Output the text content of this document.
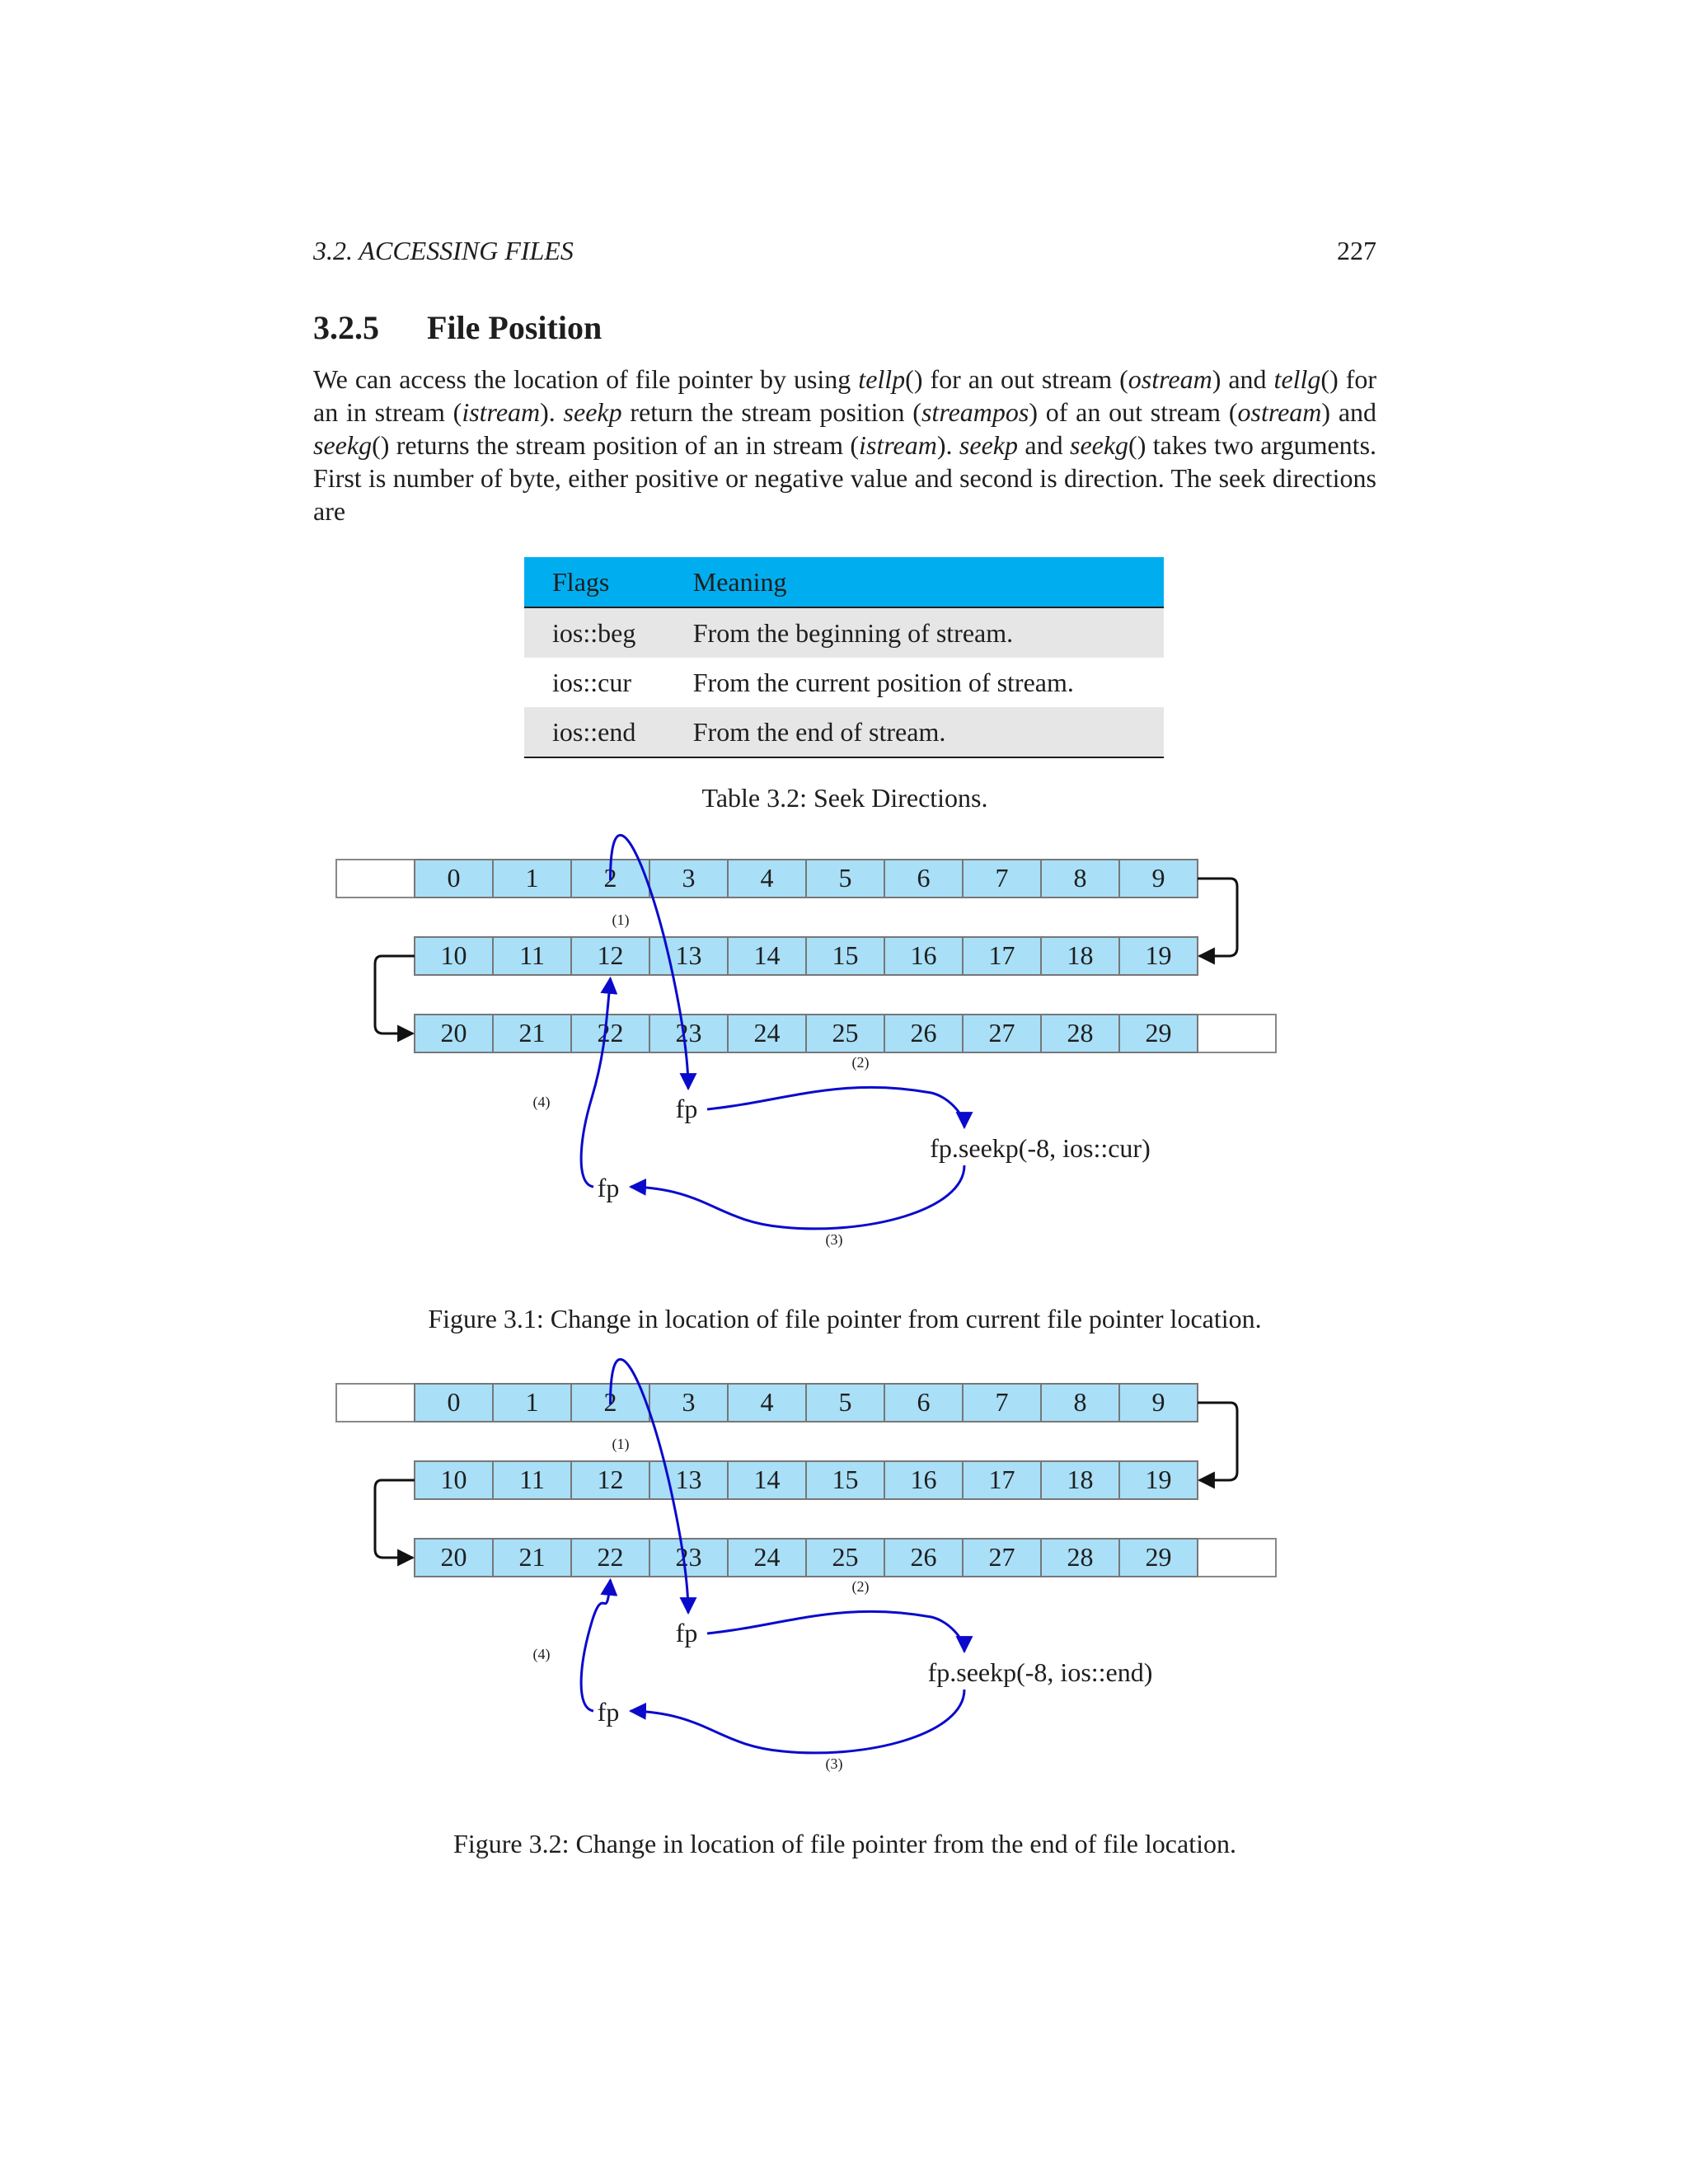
3.2. ACCESSING FILES	227
3.2.5 File Position
We can access the location of file pointer by using tellp() for an out stream (ostream) and tellg() for an in stream (istream). seekp return the stream position (streampos) of an out stream (ostream) and seekg() returns the stream position of an in stream (istream). seekp and seekg() takes two arguments. First is number of byte, either positive or negative value and second is direction. The seek directions are
Flags	Meaning
ios::beg	From the beginning of stream.
ios::cur	From the current position of stream.
ios::end	From the end of stream.
Table 3.2: Seek Directions.
0 1 2 3 4 5 6 7 8 9
10 11 12 13 14 15 16 17 18 19
20 21 22 23 24 25 26 27 28 29
fp
fp.seekp(-8, ios::cur)
fp
(1)
(2)
(3)
(4)
Figure 3.1: Change in location of file pointer from current file pointer location.
0 1 2 3 4 5 6 7 8 9
10 11 12 13 14 15 16 17 18 19
20 21 22 23 24 25 26 27 28 29
fp
fp.seekp(-8, ios::end)
fp
(1)
(2)
(3)
(4)
Figure 3.2: Change in location of file pointer from the end of file location.
